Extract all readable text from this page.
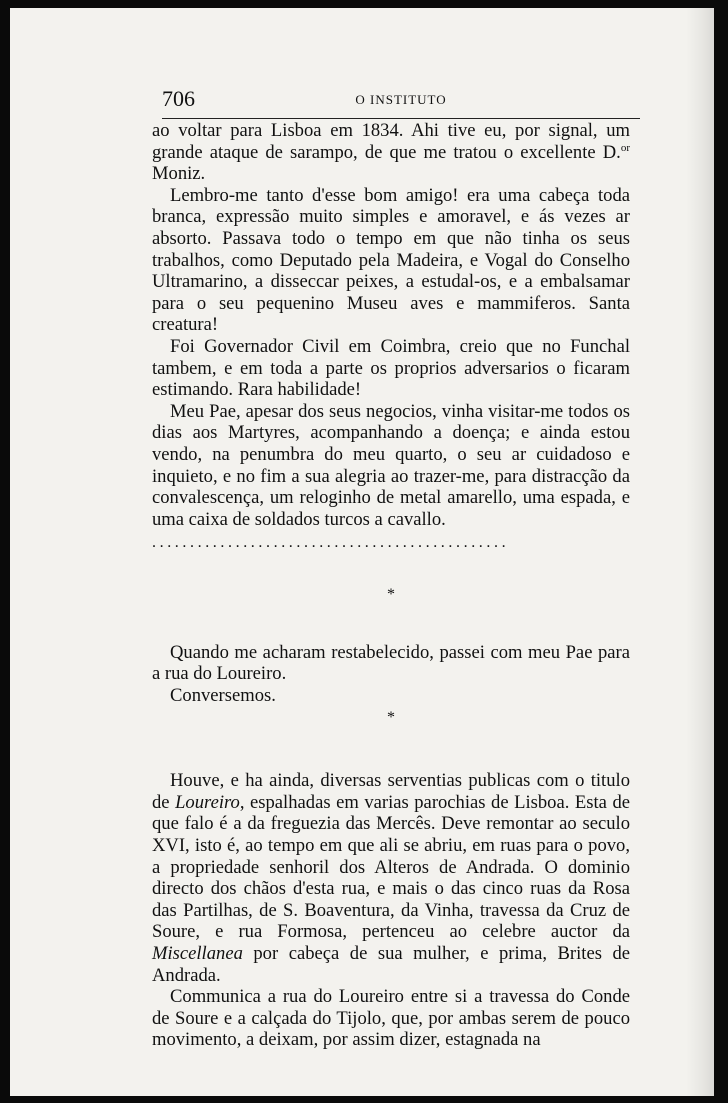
706	O INSTITUTO

ao voltar para Lisboa em 1834. Ahi tive eu, por signal, um grande ataque de sarampo, de que me tratou o excellente D.$^{or}$ Moniz.

Lembro-me tanto d'esse bom amigo! era uma cabeça toda branca, expressão muito simples e amoravel, e ás vezes ar absorto. Passava todo o tempo em que não tinha os seus trabalhos, como Deputado pela Madeira, e Vogal do Conselho Ultramarino, a disseccar peixes, a estudal-os, e a embalsamar para o seu pequenino Museu aves e mammiferos. Santa creatura!

Foi Governador Civil em Coimbra, creio que no Funchal tambem, e em toda a parte os proprios adversarios o ficaram estimando. Rara habilidade!

Meu Pae, apesar dos seus negocios, vinha visitar-me todos os dias aos Martyres, acompanhando a doença; e ainda estou vendo, na penumbra do meu quarto, o seu ar cuidadoso e inquieto, e no fim a sua alegria ao trazer-me, para distracção da convalescença, um reloginho de metal amarello, uma espada, e uma caixa de soldados turcos a cavallo.

...............................................

*

Quando me acharam restabelecido, passei com meu Pae para a rua do Loureiro.

Conversemos.

*

Houve, e ha ainda, diversas serventias publicas com o titulo de Loureiro, espalhadas em varias parochias de Lisboa. Esta de que falo é a da freguezia das Mercês. Deve remontar ao seculo XVI, isto é, ao tempo em que ali se abriu, em ruas para o povo, a propriedade senhoril dos Alteros de Andrada. O dominio directo dos chãos d'esta rua, e mais o das cinco ruas da Rosa das Partilhas, de S. Boaventura, da Vinha, travessa da Cruz de Soure, e rua Formosa, pertenceu ao celebre auctor da Miscellanea por cabeça de sua mulher, e prima, Brites de Andrada.

Communica a rua do Loureiro entre si a travessa do Conde de Soure e a calçada do Tijolo, que, por ambas serem de pouco movimento, a deixam, por assim dizer, estagnada na
